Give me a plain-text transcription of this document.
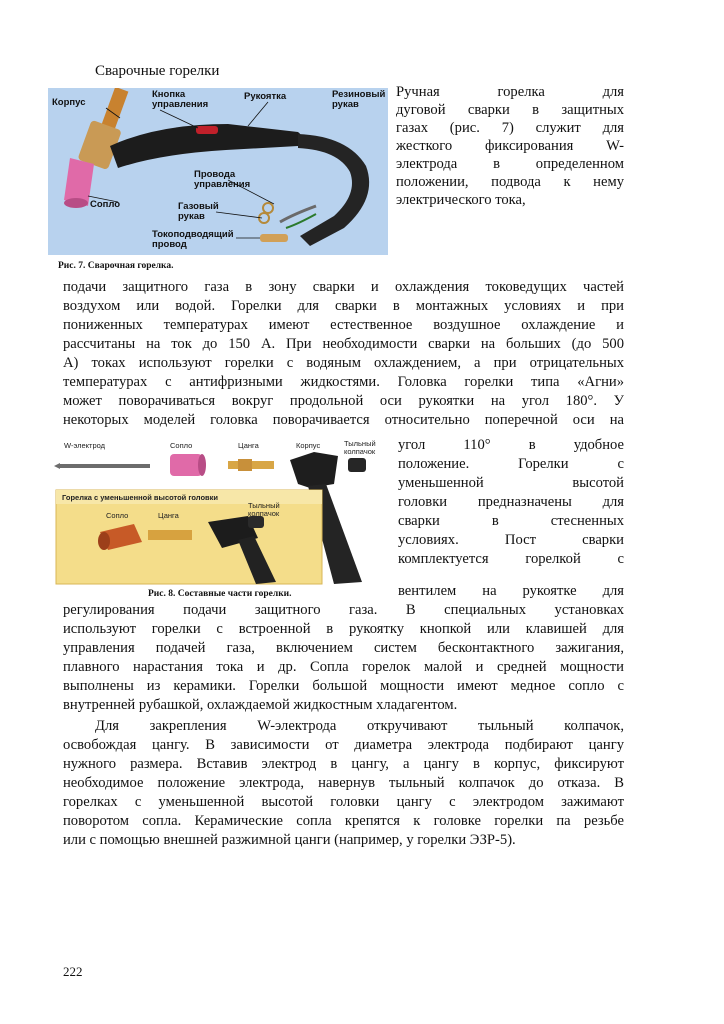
Сварочные горелки
Корпус
Кнопка управления
Рукоятка	Резиновый рукав
Провода управления
Сопло	Газовый рукав
Токоподводящий провод
Рис. 7. Сварочная горелка.
Ручная горелка для
дуговой сварки в защитных
газах (рис. 7) служит для
жесткого фиксирования W-
электрода в определенном
положении, подвода к нему
электрического тока,
подачи защитного газа в зону сварки и охлаждения токоведущих частей
воздухом или водой. Горелки для сварки в монтажных условиях и при
пониженных температурах имеют естественное воздушное охлаждение и
рассчитаны на ток до 150 А. При необходимости сварки на больших (до 500
А) токах используют горелки с водяным охлаждением, а при отрицательных
температурах с антифризными жидкостями. Головка горелки типа «Агни»
может поворачиваться вокруг продольной оси рукоятки на угол 180°. У
некоторых моделей головка поворачивается относительно поперечной оси на
W-электрод	Сопло	Цанга	Корпус	Тыльный колпачок
Горелка с уменьшенной высотой головки
Сопло	Цанга
Тыльный колпачок
Рис. 8. Составные части горелки.
угол 110° в удобное
положение. Горелки с
уменьшенной высотой
головки предназначены для
сварки в стесненных
условиях. Пост сварки
комплектуется горелкой с
вентилем на рукоятке для
регулирования подачи защитного газа. В специальных установках
используют горелки с встроенной в рукоятку кнопкой или клавишей для
управления подачей газа, включением систем бесконтактного зажигания,
плавного нарастания тока и др. Сопла горелок малой и средней мощности
выполнены из керамики. Горелки большой мощности имеют медное сопло с
внутренней рубашкой, охлаждаемой жидкостным хладагентом.
Для закрепления W-электрода откручивают тыльный колпачок,
освобождая цангу. В зависимости от диаметра электрода подбирают цангу
нужного размера. Вставив электрод в цангу, а цангу в корпус, фиксируют
необходимое положение электрода, навернув тыльный колпачок до отказа. В
горелках с уменьшенной высотой головки цангу с электродом зажимают
поворотом сопла. Керамические сопла крепятся к головке горелки па резьбе
или с помощью внешней разжимной цанги (например, у горелки ЭЗР-5).
222
